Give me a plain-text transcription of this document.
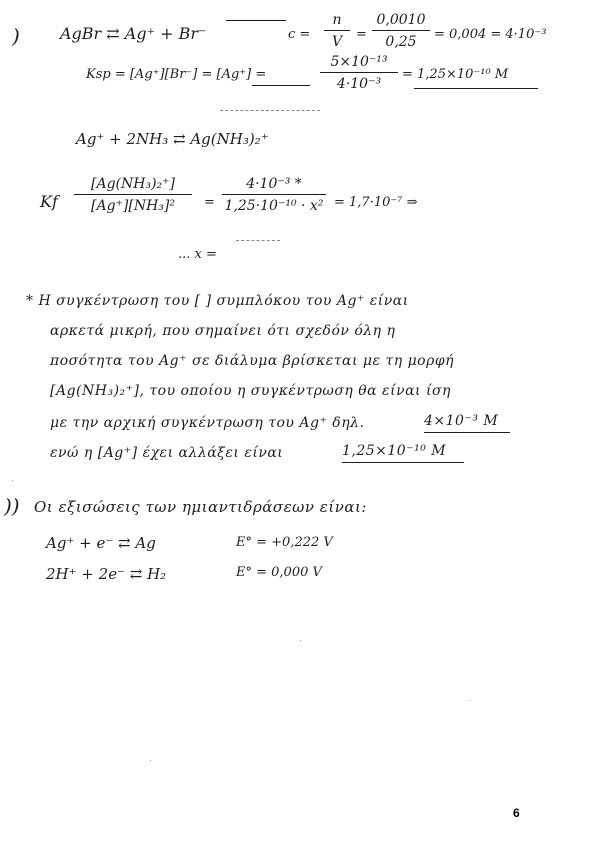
)	AgBr ⇄ Ag⁺ + Br⁻	c =
n
V	=
0,0010
0,25	= 0,004 = 4·10⁻³
Ksp = [Ag⁺][Br⁻] = [Ag⁺] =
5×10⁻¹³
4·10⁻³
= 1,25×10⁻¹⁰ M
Ag⁺ + 2NH₃ ⇄ Ag(NH₃)₂⁺
Kf
[Ag(NH₃)₂⁺]
[Ag⁺][NH₃]²	=
4·10⁻³ *
1,25·10⁻¹⁰ · x² = 1,7·10⁻⁷ ⇒
... x =
* Η συγκέντρωση του [ ] συμπλόκου του Ag⁺ είναι
αρκετά μικρή, που σημαίνει ότι σχεδόν όλη η
ποσότητα του Ag⁺ σε διάλυμα βρίσκεται με τη μορφή
[Ag(NH₃)₂⁺], του οποίου η συγκέντρωση θα είναι ίση
με την αρχική συγκέντρωση του Ag⁺ δηλ.	4×10⁻³ M
ενώ η [Ag⁺] έχει αλλάξει είναι	1,25×10⁻¹⁰ M
)) Οι εξισώσεις των ημιαντιδράσεων είναι:
Ag⁺ + e⁻ ⇄ Ag	E° = +0,222 V
2H⁺ + 2e⁻ ⇄ H₂	E° = 0,000 V
6
